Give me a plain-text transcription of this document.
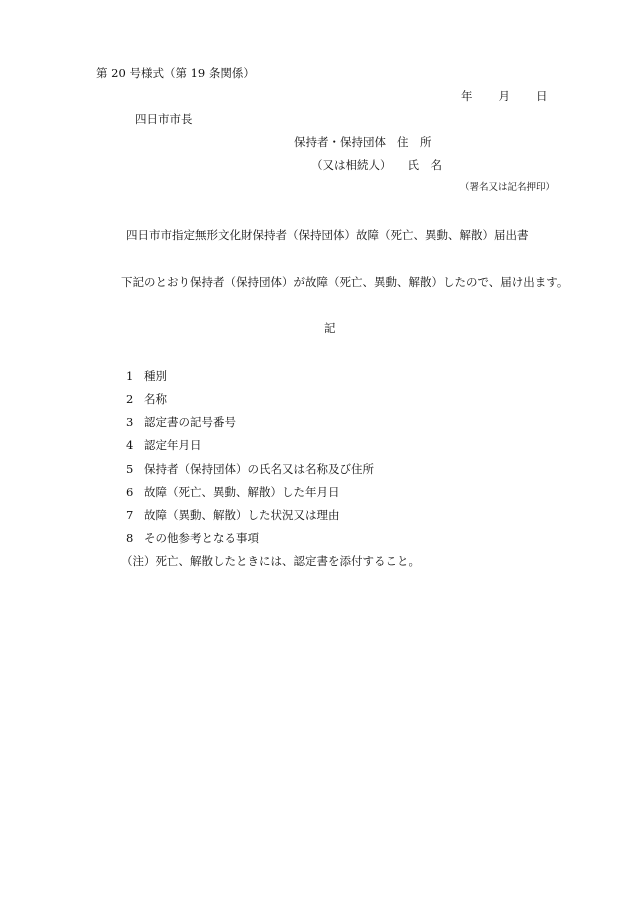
第 20 号様式（第 19 条関係）
年 月 日
四日市市長
保持者・保持団体 住　所
（又は相続人） 氏　名
（署名又は記名押印）
四日市市指定無形文化財保持者（保持団体）故障（死亡、異動、解散）届出書
下記のとおり保持者（保持団体）が故障（死亡、異動、解散）したので、届け出ます。
記
1 種別
2 名称
3 認定書の記号番号
4 認定年月日
5 保持者（保持団体）の氏名又は名称及び住所
6 故障（死亡、異動、解散）した年月日
7 故障（異動、解散）した状況又は理由
8 その他参考となる事項
（注）死亡、解散したときには、認定書を添付すること。
